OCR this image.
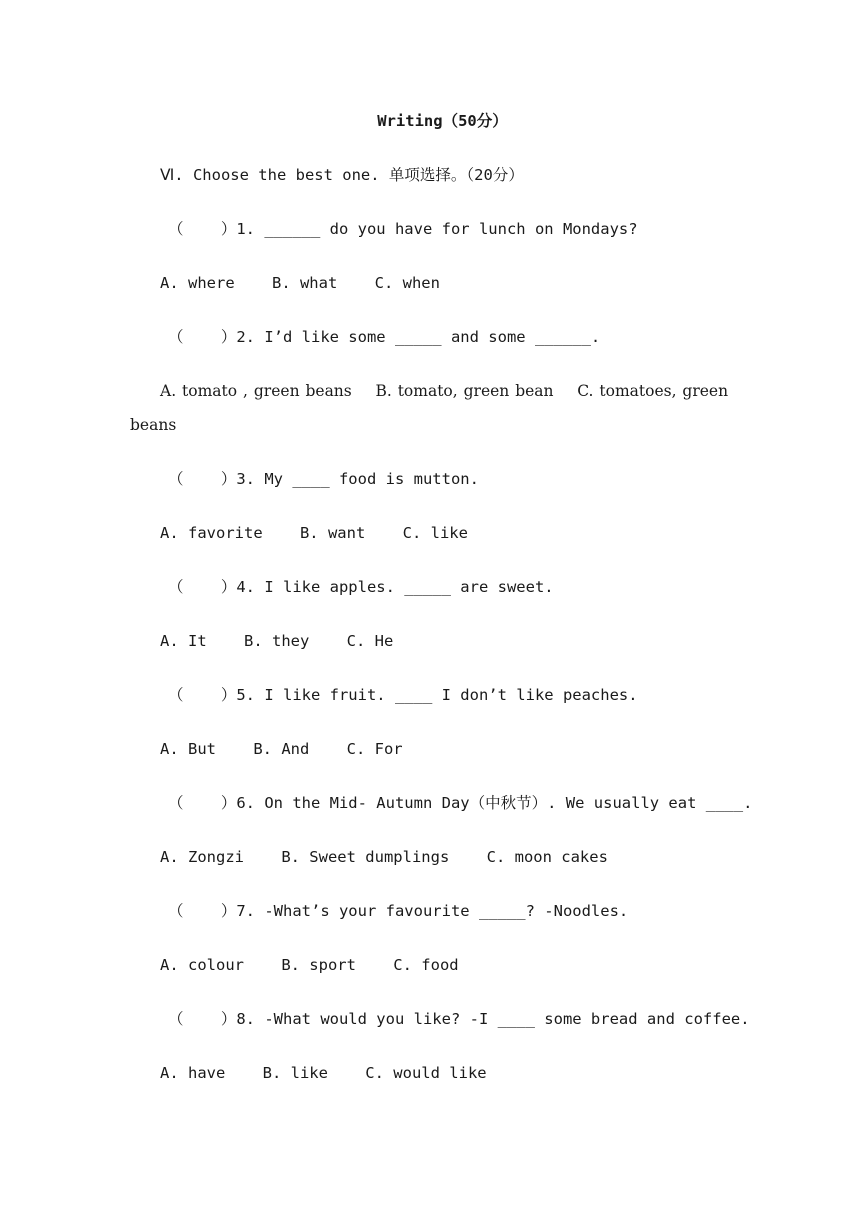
Writing（50分）
Ⅵ. Choose the best one. 单项选择。（20分）
（    ）1. ______ do you have for lunch on Mondays?
A. where    B. what    C. when
（    ）2. I’d like some _____ and some ______.
A. tomato , green beans    B. tomato, green bean    C. tomatoes, green
beans
（    ）3. My ____ food is mutton.
A. favorite    B. want    C. like
（    ）4. I like apples. _____ are sweet.
A. It    B. they    C. He
（    ）5. I like fruit. ____ I don’t like peaches.
A. But    B. And    C. For
（    ）6. On the Mid- Autumn Day（中秋节）. We usually eat ____.
A. Zongzi    B. Sweet dumplings    C. moon cakes
（    ）7. -What’s your favourite _____? -Noodles.
A. colour    B. sport    C. food
（    ）8. -What would you like? -I ____ some bread and coffee.
A. have    B. like    C. would like
